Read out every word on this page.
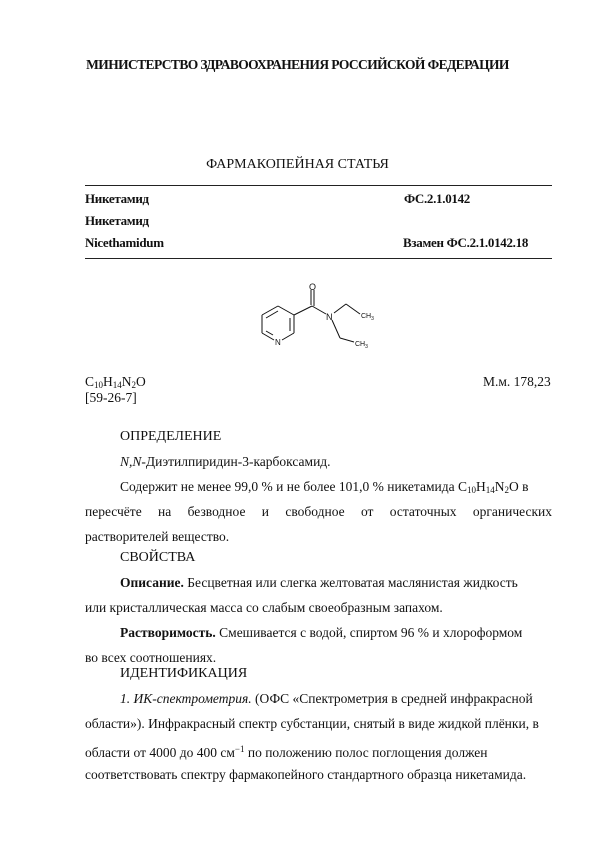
МИНИСТЕРСТВО ЗДРАВООХРАНЕНИЯ РОССИЙСКОЙ ФЕДЕРАЦИИ
ФАРМАКОПЕЙНАЯ СТАТЬЯ
Никетамид	ФС.2.1.0142
Никетамид
Nicethamidum	Взамен ФС.2.1.0142.18
O
N
N
$CH_3$
$CH_3$
$C_{10}H_{14}N_2O$
[59-26-7]
М.м. 178,23
ОПРЕДЕЛЕНИЕ
N,N-Диэтилпиридин-3-карбоксамид.
Содержит не менее 99,0 % и не более 101,0 % никетамида $C_{10}H_{14}N_2O$ в
пересчёте на безводное и свободное от остаточных органических
растворителей вещество.
СВОЙСТВА
Описание. Бесцветная или слегка желтоватая маслянистая жидкость
или кристаллическая масса со слабым своеобразным запахом.
Растворимость. Смешивается с водой, спиртом 96 % и хлороформом
во всех соотношениях.
ИДЕНТИФИКАЦИЯ
1. ИК-спектрометрия. (ОФС «Спектрометрия в средней инфракрасной
области»). Инфракрасный спектр субстанции, снятый в виде жидкой плёнки, в
области от 4000 до 400 $см^{-1}$ по положению полос поглощения должен
соответствовать спектру фармакопейного стандартного образца никетамида.
